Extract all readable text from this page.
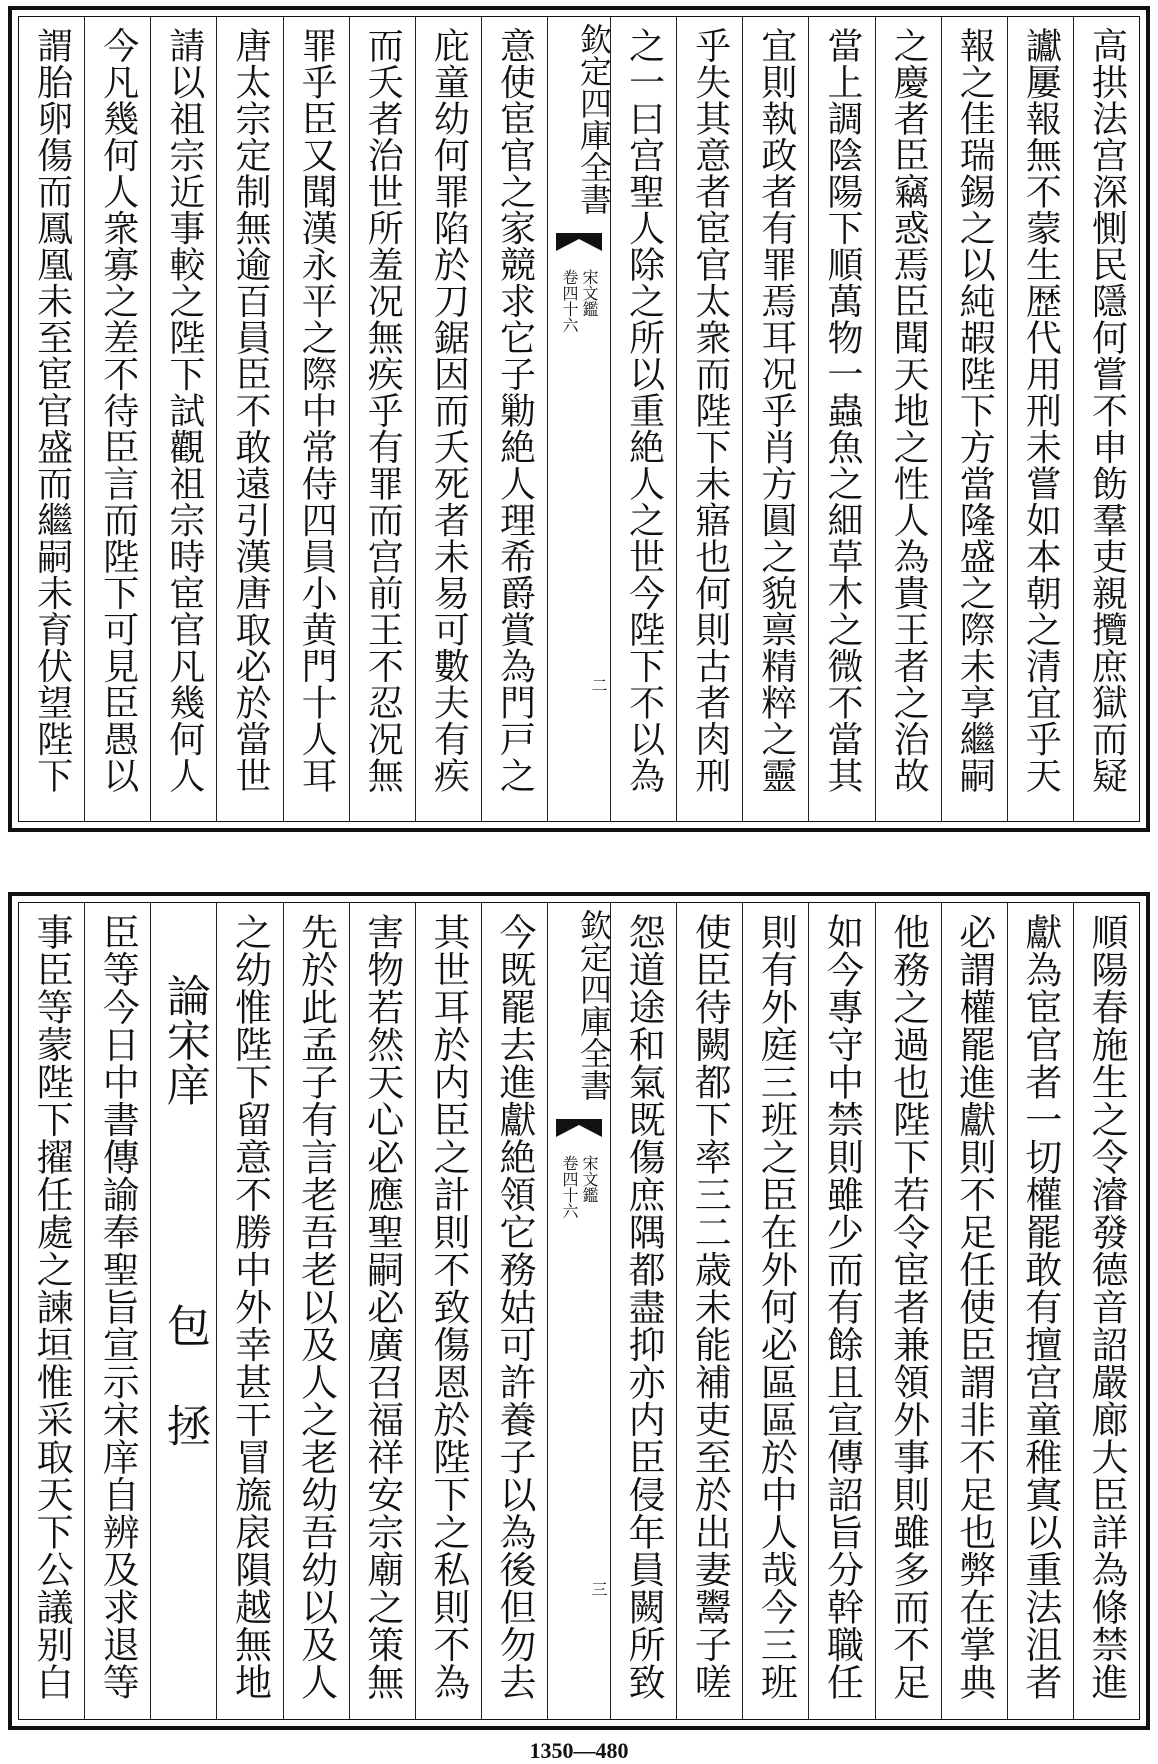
高拱法宫深惻民隱何嘗不申飭羣吏親攬庶獄而疑
讞屢報無不蒙生歴代用刑未嘗如本朝之清宜乎天
報之佳瑞錫之以純嘏陛下方當隆盛之際未享繼嗣
之慶者臣竊惑焉臣聞天地之性人為貴王者之治故
當上調陰陽下順萬物一蟲魚之細草木之微不當其
宜則執政者有罪焉耳况乎肖方圓之貌禀精粹之靈
乎失其意者宦官太衆而陛下未寤也何則古者肉刑
之一曰宫聖人除之所以重絶人之世今陛下不以為
欽定四庫全書
宋文鑑
卷四十六
二
意使宦官之家競求它子勦絶人理希爵賞為門戸之
庇童幼何罪陷於刀鋸因而夭死者未易可數夫有疾
而夭者治世所羞况無疾乎有罪而宫前王不忍况無
罪乎臣又聞漢永平之際中常侍四員小黄門十人耳
唐太宗定制無逾百員臣不敢遠引漢唐取必於當世
請以祖宗近事較之陛下試觀祖宗時宦官凡幾何人
今凡幾何人衆寡之差不待臣言而陛下可見臣愚以
謂胎卵傷而鳳凰未至宦官盛而繼嗣未育伏望陛下
順陽春施生之令濬發德音詔嚴廊大臣詳為條禁進
獻為宦官者一切權罷敢有擅宫童稚寘以重法沮者
必謂權罷進獻則不足任使臣謂非不足也弊在掌典
他務之過也陛下若令宦者兼領外事則雖多而不足
如今專守中禁則雖少而有餘且宣傳詔旨分幹職任
則有外庭三班之臣在外何必區區於中人哉今三班
使臣待闕都下率三二歳未能補吏至於出妻鬻子嗟
怨道途和氣既傷庶隅都盡抑亦内臣侵年員闕所致
欽定四庫全書
宋文鑑
卷四十六
三
今既罷去進獻絶領它務姑可許養子以為後但勿去
其世耳於内臣之計則不致傷恩於陛下之私則不為
害物若然天心必應聖嗣必廣召福祥安宗廟之策無
先於此孟子有言老吾老以及人之老幼吾幼以及人
之幼惟陛下留意不勝中外幸甚干冒旒扆隕越無地
論宋庠
包
拯
臣等今日中書傳諭奉聖旨宣示宋庠自辨及求退等
事臣等蒙陛下擢任處之諫垣惟采取天下公議别白
1350—480
